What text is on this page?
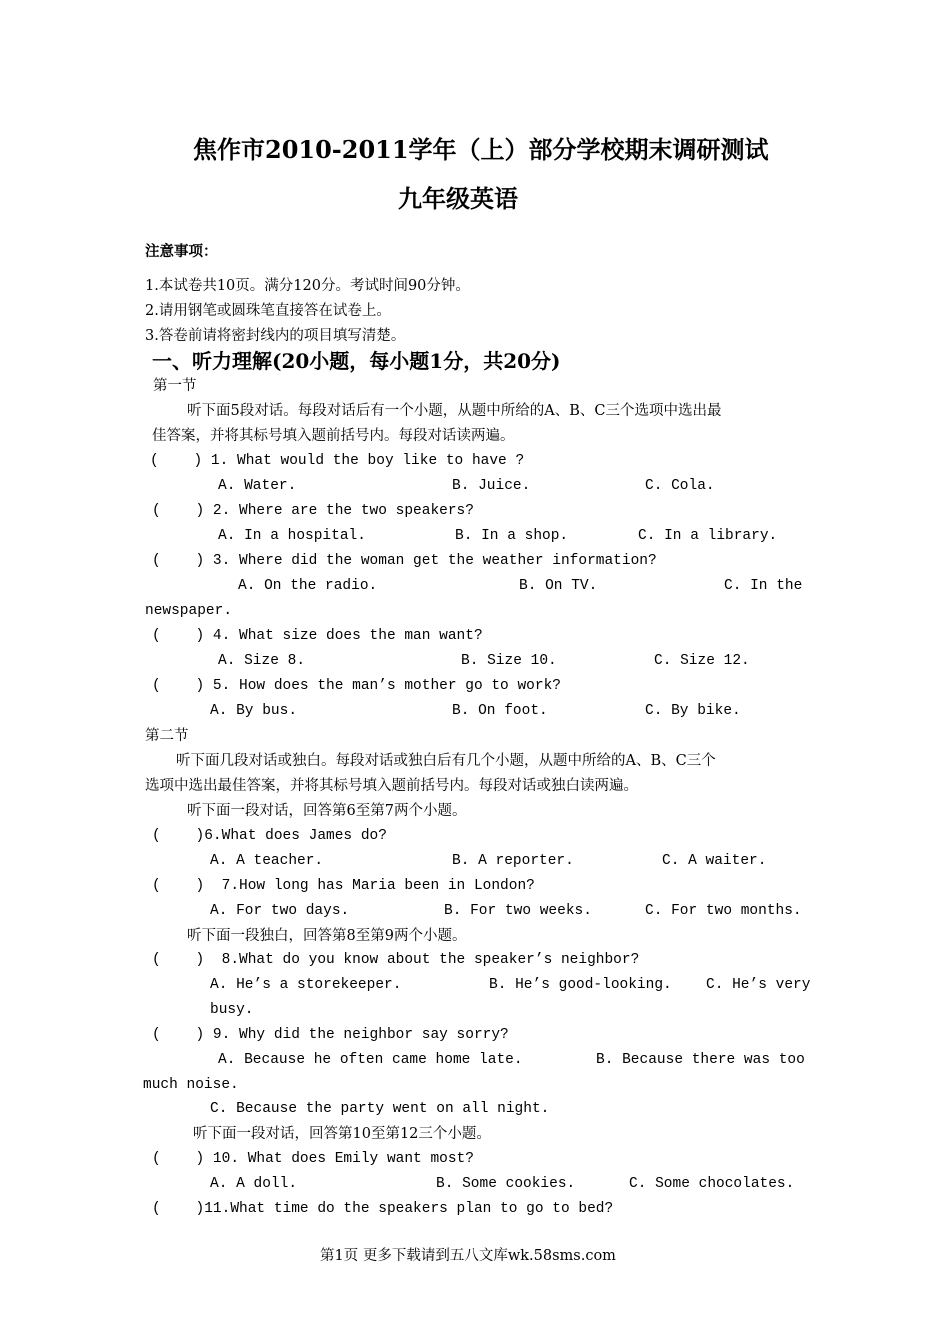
焦作市2010-2011学年（上）部分学校期末调研测试
九年级英语
注意事项：
1.本试卷共10页。满分120分。考试时间90分钟。
2.请用钢笔或圆珠笔直接答在试卷上。
3.答卷前请将密封线内的项目填写清楚。
一、听力理解(20小题，每小题1分，共20分)
第一节
听下面5段对话。每段对话后有一个小题，从题中所给的A、B、C三个选项中选出最
佳答案，并将其标号填入题前括号内。每段对话读两遍。
(    ) 1. What would the boy like to have ?
A. Water.	B. Juice.	C. Cola.
(    ) 2. Where are the two speakers?
A. In a hospital.	B. In a shop.	C. In a library.
(    ) 3. Where did the woman get the weather information?
A. On the radio.	B. On TV.	C. In the
newspaper.
(    ) 4. What size does the man want?
A. Size 8.	B. Size 10.	C. Size 12.
(    ) 5. How does the man’s mother go to work?
A. By bus.	B. On foot.	C. By bike.
第二节
听下面几段对话或独白。每段对话或独白后有几个小题，从题中所给的A、B、C三个
选项中选出最佳答案，并将其标号填入题前括号内。每段对话或独白读两遍。
听下面一段对话，回答第6至第7两个小题。
(    )6.What does James do?
A. A teacher.	B. A reporter.	C. A waiter.
(    )  7.How long has Maria been in London?
A. For two days.	B. For two weeks.	C. For two months.
听下面一段独白，回答第8至第9两个小题。
(    )  8.What do you know about the speaker’s neighbor?
A. He’s a storekeeper.	B. He’s good-looking. C. He’s very
busy.
(    ) 9. Why did the neighbor say sorry?
A. Because he often came home late.	B. Because there was too
much noise.
C. Because the party went on all night.
听下面一段对话，回答第10至第12三个小题。
(    ) 10. What does Emily want most?
A. A doll.	B. Some cookies.	C. Some chocolates.
(    )11.What time do the speakers plan to go to bed?
第1页 更多下载请到五八文库wk.58sms.com
